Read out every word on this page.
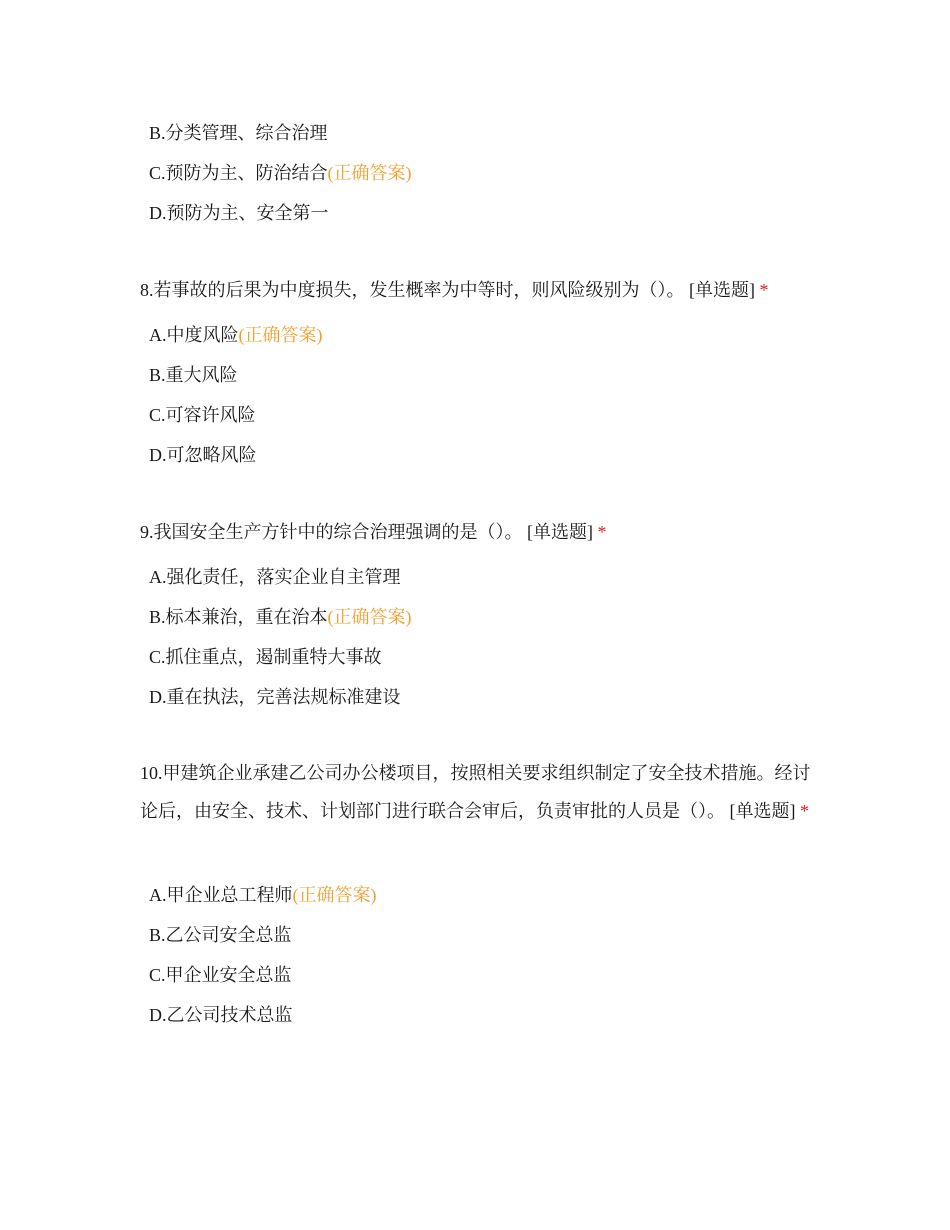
B.分类管理、综合治理
C.预防为主、防治结合(正确答案)
D.预防为主、安全第一
8.若事故的后果为中度损失，发生概率为中等时，则风险级别为（）。 [单选题] *
A.中度风险(正确答案)
B.重大风险
C.可容许风险
D.可忽略风险
9.我国安全生产方针中的综合治理强调的是（）。 [单选题] *
A.强化责任，落实企业自主管理
B.标本兼治，重在治本(正确答案)
C.抓住重点，遏制重特大事故
D.重在执法，完善法规标准建设
10.甲建筑企业承建乙公司办公楼项目，按照相关要求组织制定了安全技术措施。经讨论后，由安全、技术、计划部门进行联合会审后，负责审批的人员是（）。 [单选题] *
A.甲企业总工程师(正确答案)
B.乙公司安全总监
C.甲企业安全总监
D.乙公司技术总监
